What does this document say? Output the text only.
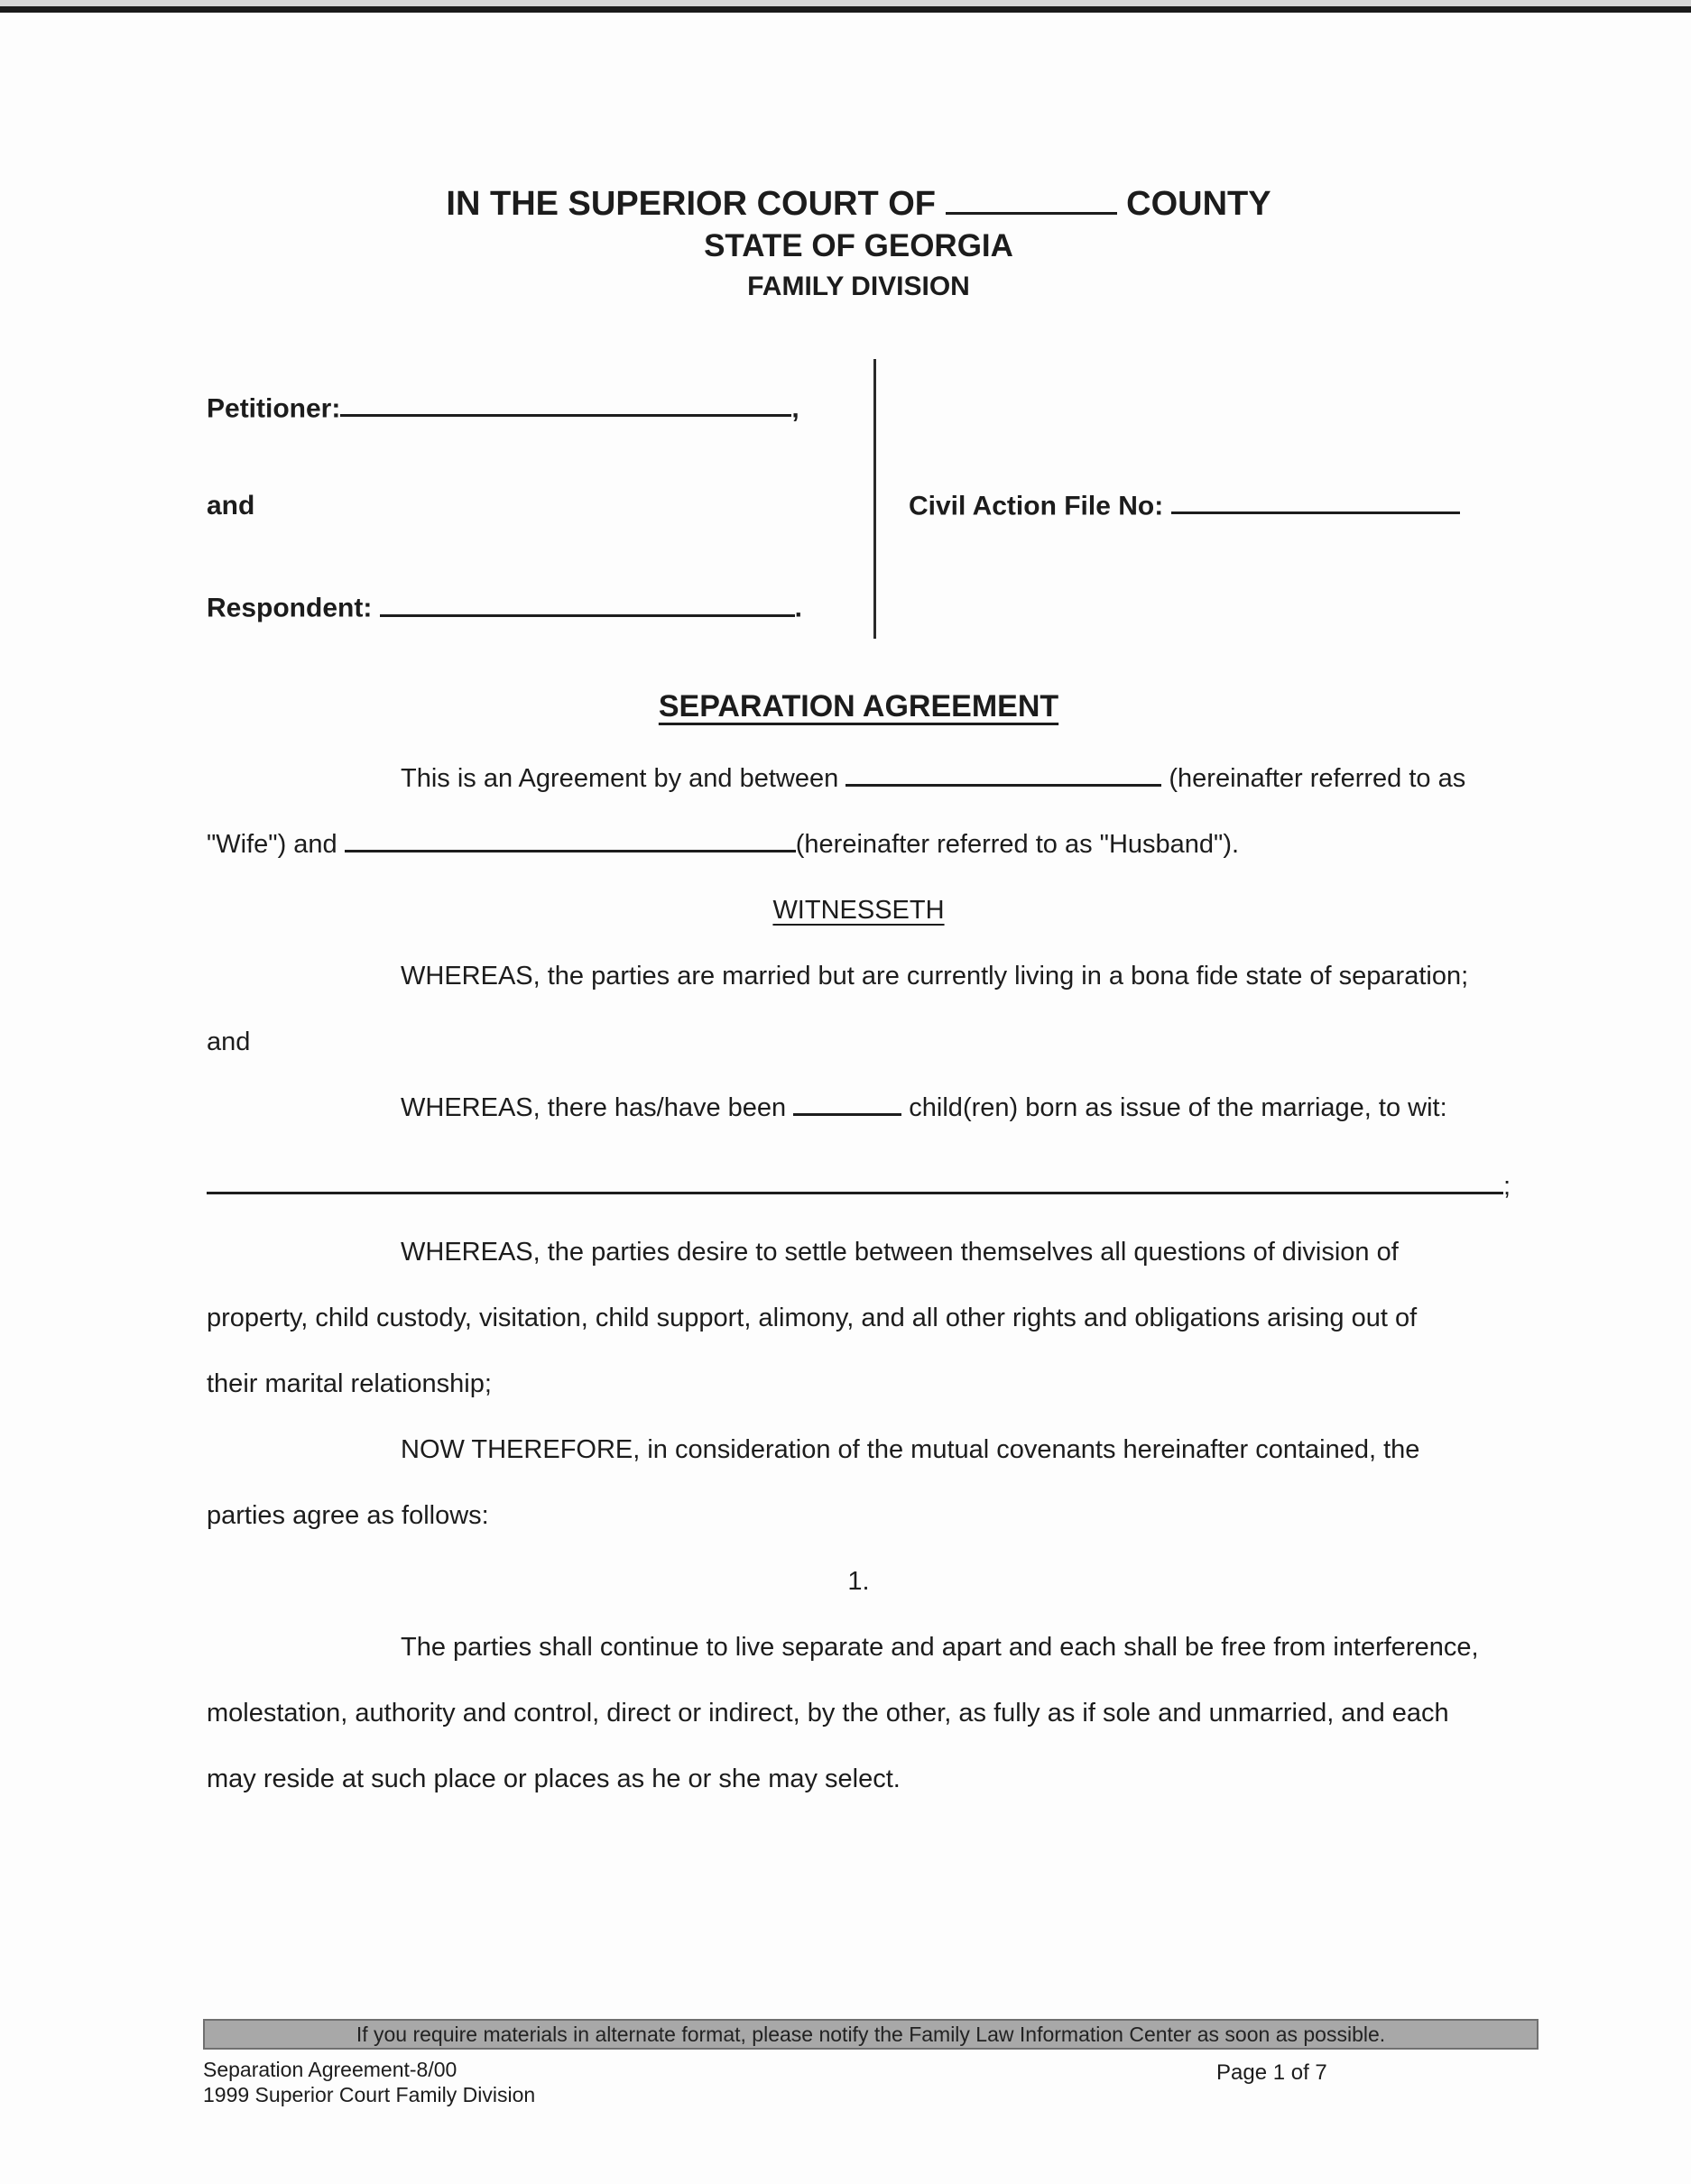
IN THE SUPERIOR COURT OF	COUNTY
STATE OF GEORGIA
FAMILY DIVISION
Petitioner:	,
and
Respondent:	.
Civil Action File No:
SEPARATION AGREEMENT
This is an Agreement by and between	(hereinafter referred to as
"Wife") and	(hereinafter referred to as "Husband").
WITNESSETH
WHEREAS, the parties are married but are currently living in a bona fide state of separation;
and
WHEREAS, there has/have been	child(ren) born as issue of the marriage, to wit:
;
WHEREAS, the parties desire to settle between themselves all questions of division of
property, child custody, visitation, child support, alimony, and all other rights and obligations arising out of
their marital relationship;
NOW THEREFORE, in consideration of the mutual covenants hereinafter contained, the
parties agree as follows:
1.
The parties shall continue to live separate and apart and each shall be free from interference,
molestation, authority and control, direct or indirect, by the other, as fully as if sole and unmarried, and each
may reside at such place or places as he or she may select.
If you require materials in alternate format, please notify the Family Law Information Center as soon as possible.
Separation Agreement-8/00
1999 Superior Court Family Division
Page 1 of 7
